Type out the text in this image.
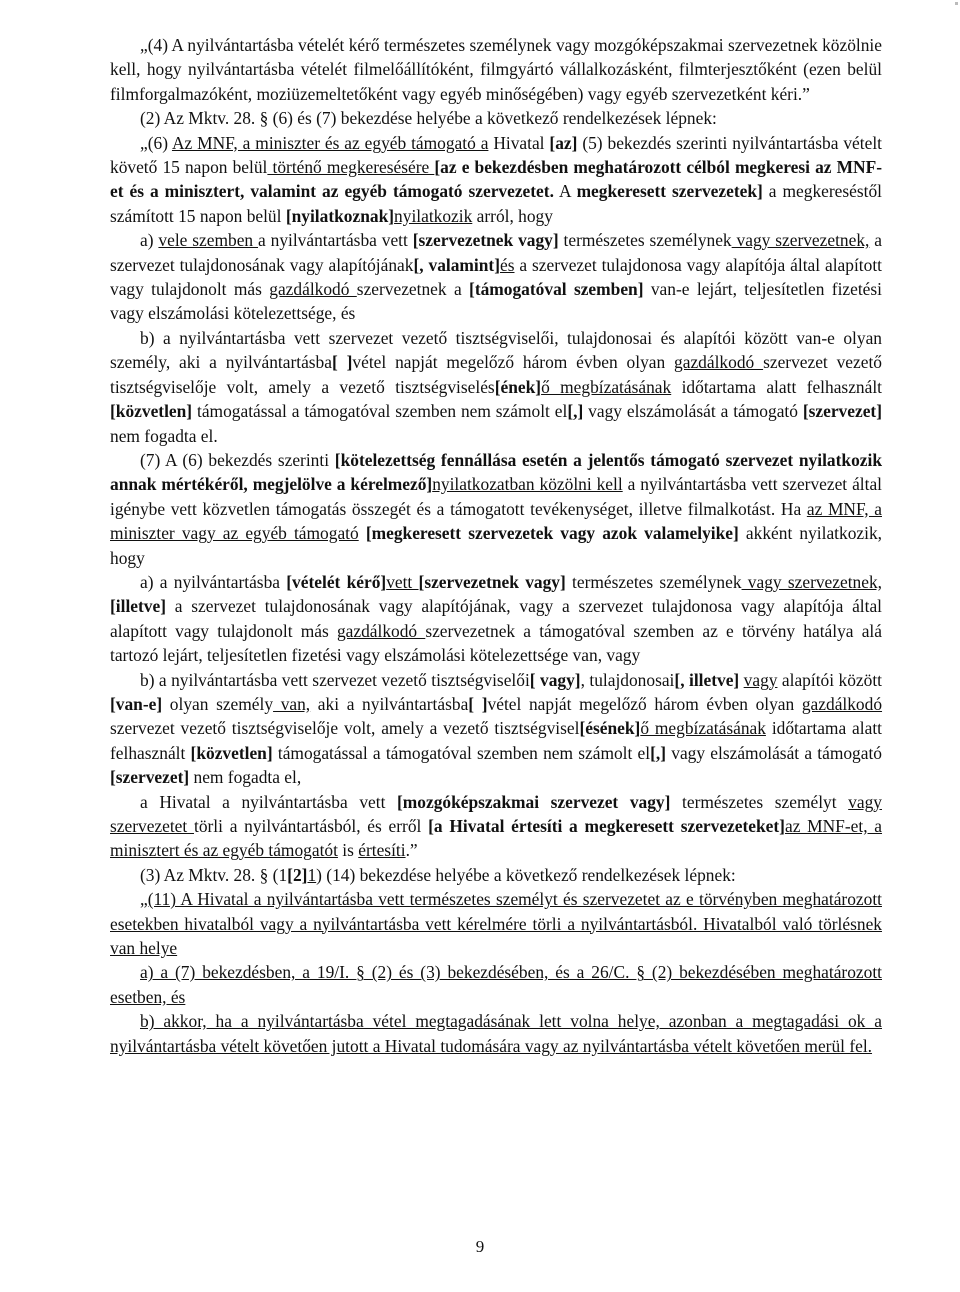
„(4) A nyilvántartásba vételét kérő természetes személynek vagy mozgóképszakmai szervezetnek közölnie kell, hogy nyilvántartásba vételét filmelőállítóként, filmgyártó vállalkozásként, filmterjesztőként (ezen belül filmforgalmazóként, moziüzemeltetőként vagy egyéb minőségében) vagy egyéb szervezetként kéri.”

(2) Az Mktv. 28. § (6) és (7) bekezdése helyébe a következő rendelkezések lépnek:

„(6) Az MNF, a miniszter és az egyéb támogató a Hivatal [az] (5) bekezdés szerinti nyilvántartásba vételt követő 15 napon belül történő megkeresésére [az e bekezdésben meghatározott célból megkeresi az MNF-et és a minisztert, valamint az egyéb támogató szervezetet. A megkeresett szervezetek] a megkereséstől számított 15 napon belül [nyilatkoznak]nyilatkozik arról, hogy

a) vele szemben a nyilvántartásba vett [szervezetnek vagy] természetes személynek vagy szervezetnek, a szervezet tulajdonosának vagy alapítójának[, valamint]és a szervezet tulajdonosa vagy alapítója által alapított vagy tulajdonolt más gazdálkodó szervezetnek a [támogatóval szemben] van-e lejárt, teljesítetlen fizetési vagy elszámolási kötelezettsége, és

b) a nyilvántartásba vett szervezet vezető tisztségviselői, tulajdonosai és alapítói között van-e olyan személy, aki a nyilvántartásba[ ]vétel napját megelőző három évben olyan gazdálkodó szervezet vezető tisztségviselője volt, amely a vezető tisztségviselés[ének]ő megbízatásának időtartama alatt felhasznált [közvetlen] támogatással a támogatóval szemben nem számolt el[,] vagy elszámolását a támogató [szervezet] nem fogadta el.

(7) A (6) bekezdés szerinti [kötelezettség fennállása esetén a jelentős támogató szervezet nyilatkozik annak mértékéről, megjelölve a kérelmező]nyilatkozatban közölni kell a nyilvántartásba vett szervezet által igénybe vett közvetlen támogatás összegét és a támogatott tevékenységet, illetve filmalkotást. Ha az MNF, a miniszter vagy az egyéb támogató [megkeresett szervezetek vagy azok valamelyike] akként nyilatkozik, hogy

a) a nyilvántartásba [vételét kérő]vett [szervezetnek vagy] természetes személynek vagy szervezetnek, [illetve] a szervezet tulajdonosának vagy alapítójának, vagy a szervezet tulajdonosa vagy alapítója által alapított vagy tulajdonolt más gazdálkodó szervezetnek a támogatóval szemben az e törvény hatálya alá tartozó lejárt, teljesítetlen fizetési vagy elszámolási kötelezettsége van, vagy

b) a nyilvántartásba vett szervezet vezető tisztségviselői[ vagy], tulajdonosai[, illetve] vagy alapítói között [van-e] olyan személy van, aki a nyilvántartásba[ ]vétel napját megelőző három évben olyan gazdálkodó szervezet vezető tisztségviselője volt, amely a vezető tisztségvisel[ésének]ő megbízatásának időtartama alatt felhasznált [közvetlen] támogatással a támogatóval szemben nem számolt el[,] vagy elszámolását a támogató [szervezet] nem fogadta el,

a Hivatal a nyilvántartásba vett [mozgóképszakmai szervezet vagy] természetes személyt vagy szervezetet törli a nyilvántartásból, és erről [a Hivatal értesíti a megkeresett szervezeteket]az MNF-et, a minisztert és az egyéb támogatót is értesíti.”

(3) Az Mktv. 28. § (1[2]1) (14) bekezdése helyébe a következő rendelkezések lépnek:

„(11) A Hivatal a nyilvántartásba vett természetes személyt és szervezetet az e törvényben meghatározott esetekben hivatalból vagy a nyilvántartásba vett kérelmére törli a nyilvántartásból. Hivatalból való törlésnek van helye

a) a (7) bekezdésben, a 19/I. § (2) és (3) bekezdésében, és a 26/C. § (2) bekezdésében meghatározott esetben, és

b) akkor, ha a nyilvántartásba vétel megtagadásának lett volna helye, azonban a megtagadási ok a nyilvántartásba vételt követően jutott a Hivatal tudomására vagy az nyilvántartásba vételt követően merül fel.

9
